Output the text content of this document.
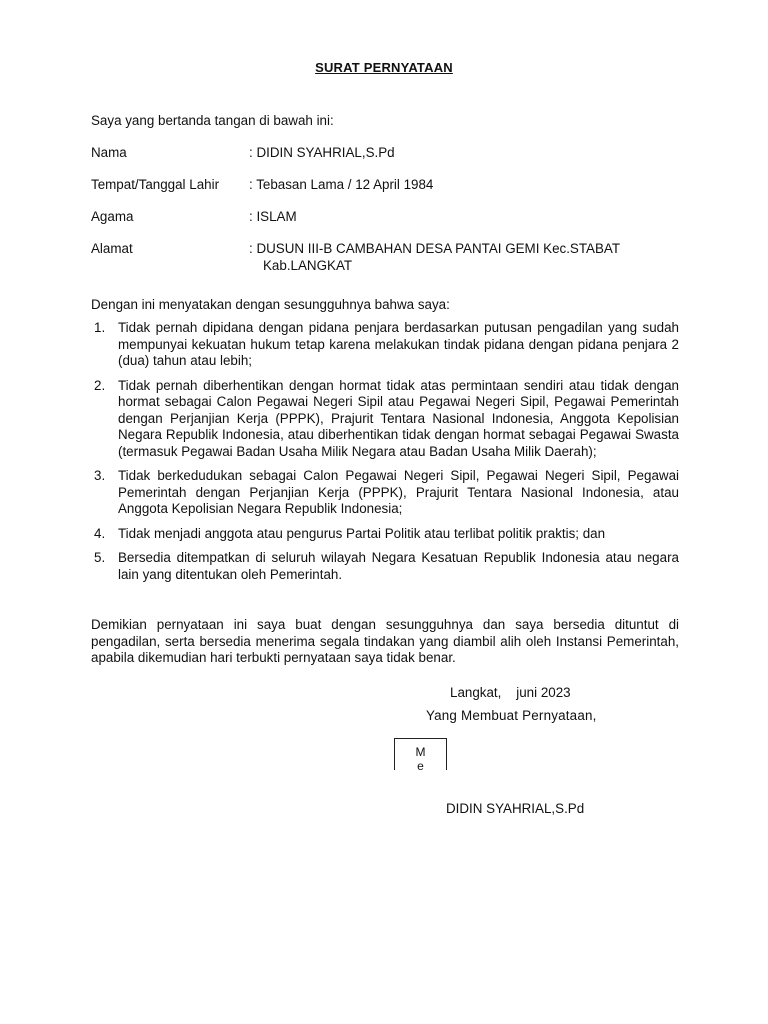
SURAT PERNYATAAN
Saya yang bertanda tangan di bawah ini:
Nama	: DIDIN SYAHRIAL,S.Pd
Tempat/Tanggal Lahir	: Tebasan Lama / 12 April 1984
Agama	: ISLAM
Alamat	: DUSUN III-B CAMBAHAN DESA PANTAI GEMI Kec.STABAT
Kab.LANGKAT
Dengan ini menyatakan dengan sesungguhnya bahwa saya:
1. Tidak pernah dipidana dengan pidana penjara berdasarkan putusan pengadilan yang sudah mempunyai kekuatan hukum tetap karena melakukan tindak pidana dengan pidana penjara 2 (dua) tahun atau lebih;
2. Tidak pernah diberhentikan dengan hormat tidak atas permintaan sendiri atau tidak dengan hormat sebagai Calon Pegawai Negeri Sipil atau Pegawai Negeri Sipil, Pegawai Pemerintah dengan Perjanjian Kerja (PPPK), Prajurit Tentara Nasional Indonesia, Anggota Kepolisian Negara Republik Indonesia, atau diberhentikan tidak dengan hormat sebagai Pegawai Swasta (termasuk Pegawai Badan Usaha Milik Negara atau Badan Usaha Milik Daerah);
3. Tidak berkedudukan sebagai Calon Pegawai Negeri Sipil, Pegawai Negeri Sipil, Pegawai Pemerintah dengan Perjanjian Kerja (PPPK), Prajurit Tentara Nasional Indonesia, atau Anggota Kepolisian Negara Republik Indonesia;
4. Tidak menjadi anggota atau pengurus Partai Politik atau terlibat politik praktis; dan
5. Bersedia ditempatkan di seluruh wilayah Negara Kesatuan Republik Indonesia atau negara lain yang ditentukan oleh Pemerintah.
Demikian pernyataan ini saya buat dengan sesungguhnya dan saya bersedia dituntut di pengadilan, serta bersedia menerima segala tindakan yang diambil alih oleh Instansi Pemerintah, apabila dikemudian hari terbukti pernyataan saya tidak benar.
Langkat,    juni 2023
Yang Membuat Pernyataan,
M
e
DIDIN SYAHRIAL,S.Pd
